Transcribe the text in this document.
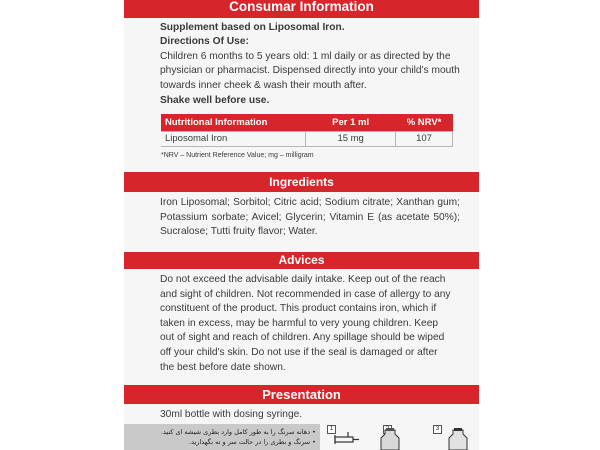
Consumar Information
Supplement based on Liposomal Iron.
Directions Of Use:
Children 6 months to 5 years old: 1 ml daily or as directed by the
physician or pharmacist. Dispensed directly into your child's mouth
towards inner cheek & wash their mouth after.
Shake well before use.
Nutritional Information	Per 1 ml	% NRV*
Liposomal Iron	15 mg	107
*NRV – Nutrient Reference Value; mg – milligram
Ingredients
Iron Liposomal; Sorbitol; Citric acid; Sodium citrate; Xanthan gum; Potassium sorbate; Avicel; Glycerin; Vitamin E (as acetate 50%); Sucralose; Tutti fruity flavor; Water.
Advices
Do not exceed the advisable daily intake. Keep out of the reach
and sight of children. Not recommended in case of allergy to any
constituent of the product. This product contains iron, which if
taken in excess, may be harmful to very young children. Keep
out of sight and reach of children. Any spillage should be wiped
off your child's skin. Do not use if the seal is damaged or after
the best before date shown.
Presentation
30ml bottle with dosing syringe.
• دهانه سرنگ را به طور کامل وارد بطری شیشه ای کنید.
• سرنگ و بطری را در حالت سر و ته نگهدارید.
1	3
